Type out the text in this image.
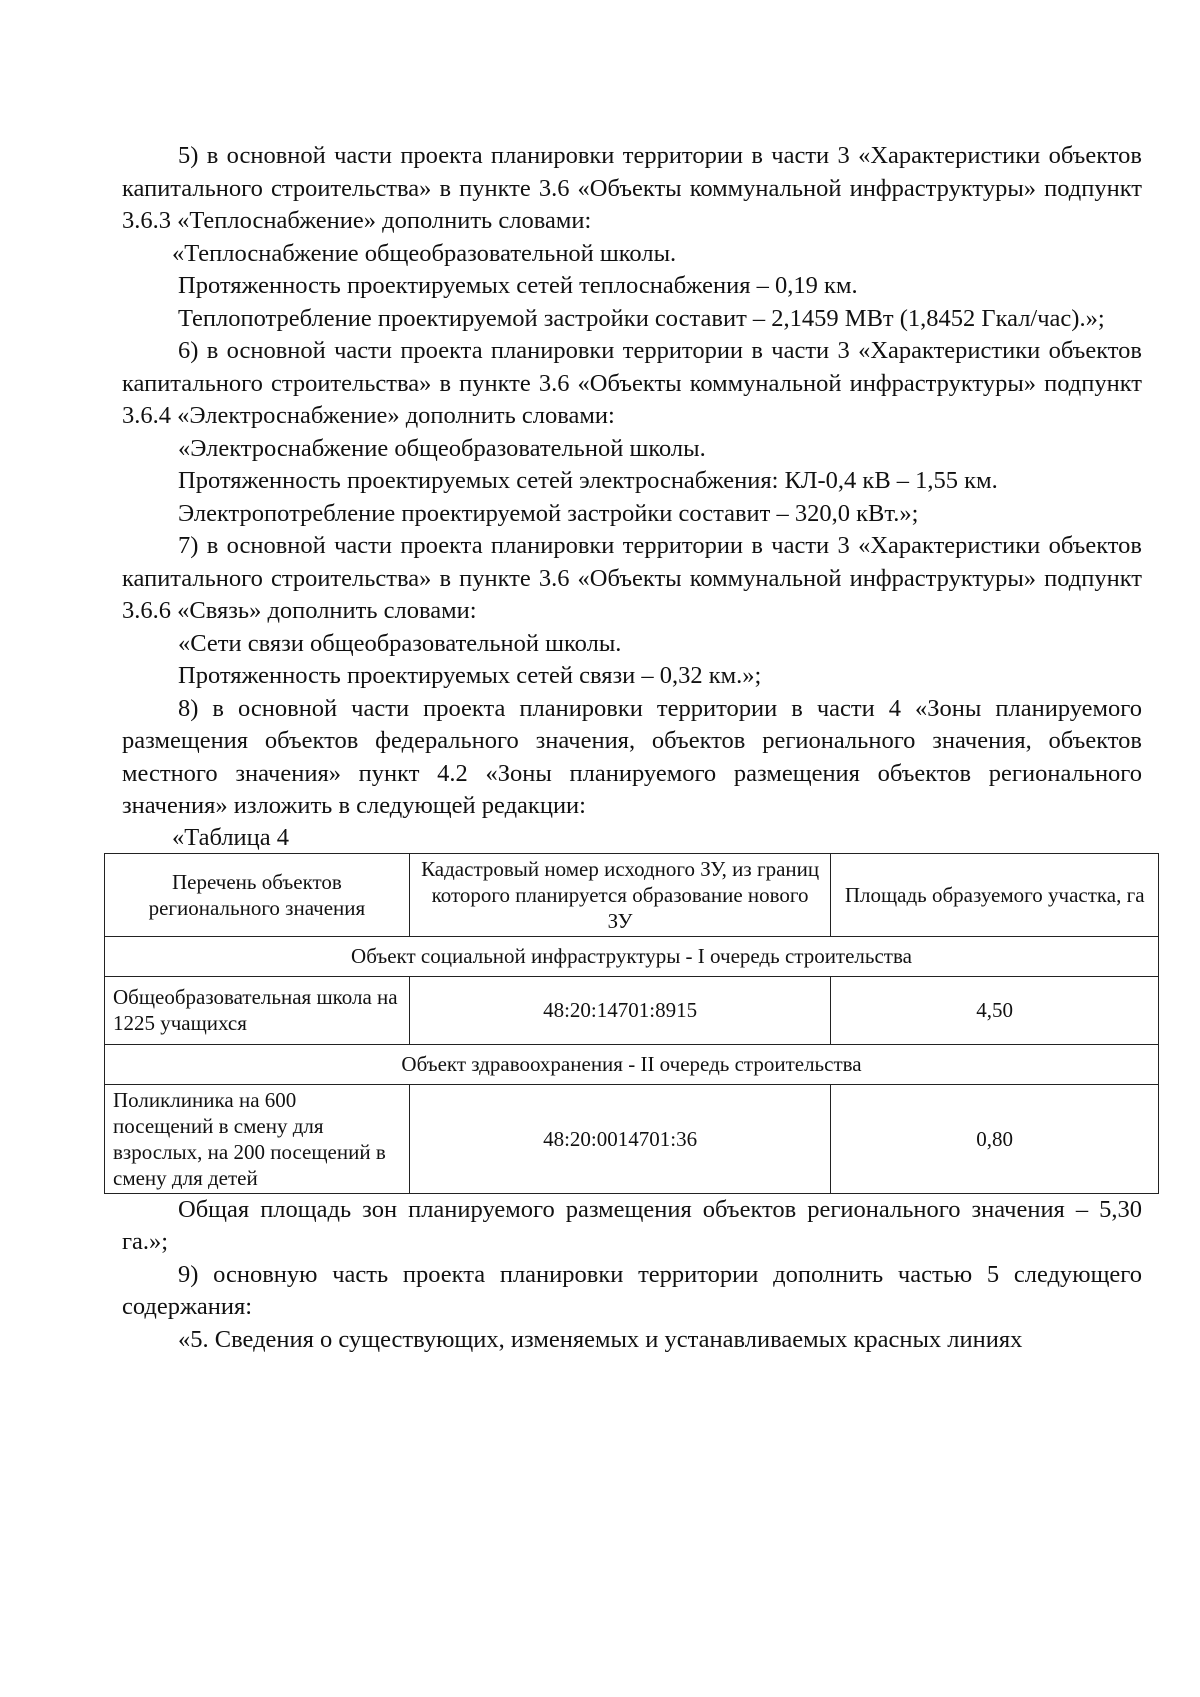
5) в основной части проекта планировки территории в части 3 «Характеристики объектов капитального строительства» в пункте 3.6 «Объекты коммунальной инфраструктуры» подпункт 3.6.3 «Теплоснабжение» дополнить словами:

«Теплоснабжение общеобразовательной школы.

Протяженность проектируемых сетей теплоснабжения – 0,19 км.

Теплопотребление проектируемой застройки составит – 2,1459 МВт (1,8452 Гкал/час).»;

6) в основной части проекта планировки территории в части 3 «Характеристики объектов капитального строительства» в пункте 3.6 «Объекты коммунальной инфраструктуры» подпункт 3.6.4 «Электроснабжение» дополнить словами:

«Электроснабжение общеобразовательной школы.

Протяженность проектируемых сетей электроснабжения: КЛ-0,4 кВ – 1,55 км.

Электропотребление проектируемой застройки составит – 320,0 кВт.»;

7) в основной части проекта планировки территории в части 3 «Характеристики объектов капитального строительства» в пункте 3.6 «Объекты коммунальной инфраструктуры» подпункт 3.6.6 «Связь» дополнить словами:

«Сети связи общеобразовательной школы.

Протяженность проектируемых сетей связи – 0,32 км.»;

8) в основной части проекта планировки территории в части 4 «Зоны планируемого размещения объектов федерального значения, объектов регионального значения, объектов местного значения» пункт 4.2 «Зоны планируемого размещения объектов регионального значения» изложить в следующей редакции:

«Таблица 4

Перечень объектов регионального значения	Кадастровый номер исходного ЗУ, из границ которого планируется образование нового ЗУ	Площадь образуемого участка, га
Объект социальной инфраструктуры - I очередь строительства		
Общеобразовательная школа на 1225 учащихся	48:20:14701:8915	4,50
Объект здравоохранения - II очередь строительства		
Поликлиника на 600 посещений в смену для взрослых, на 200 посещений в смену для детей	48:20:0014701:36	0,80

Общая площадь зон планируемого размещения объектов регионального значения – 5,30 га.»;

9) основную часть проекта планировки территории дополнить частью 5 следующего содержания:

«5. Сведения о существующих, изменяемых и устанавливаемых красных линиях
